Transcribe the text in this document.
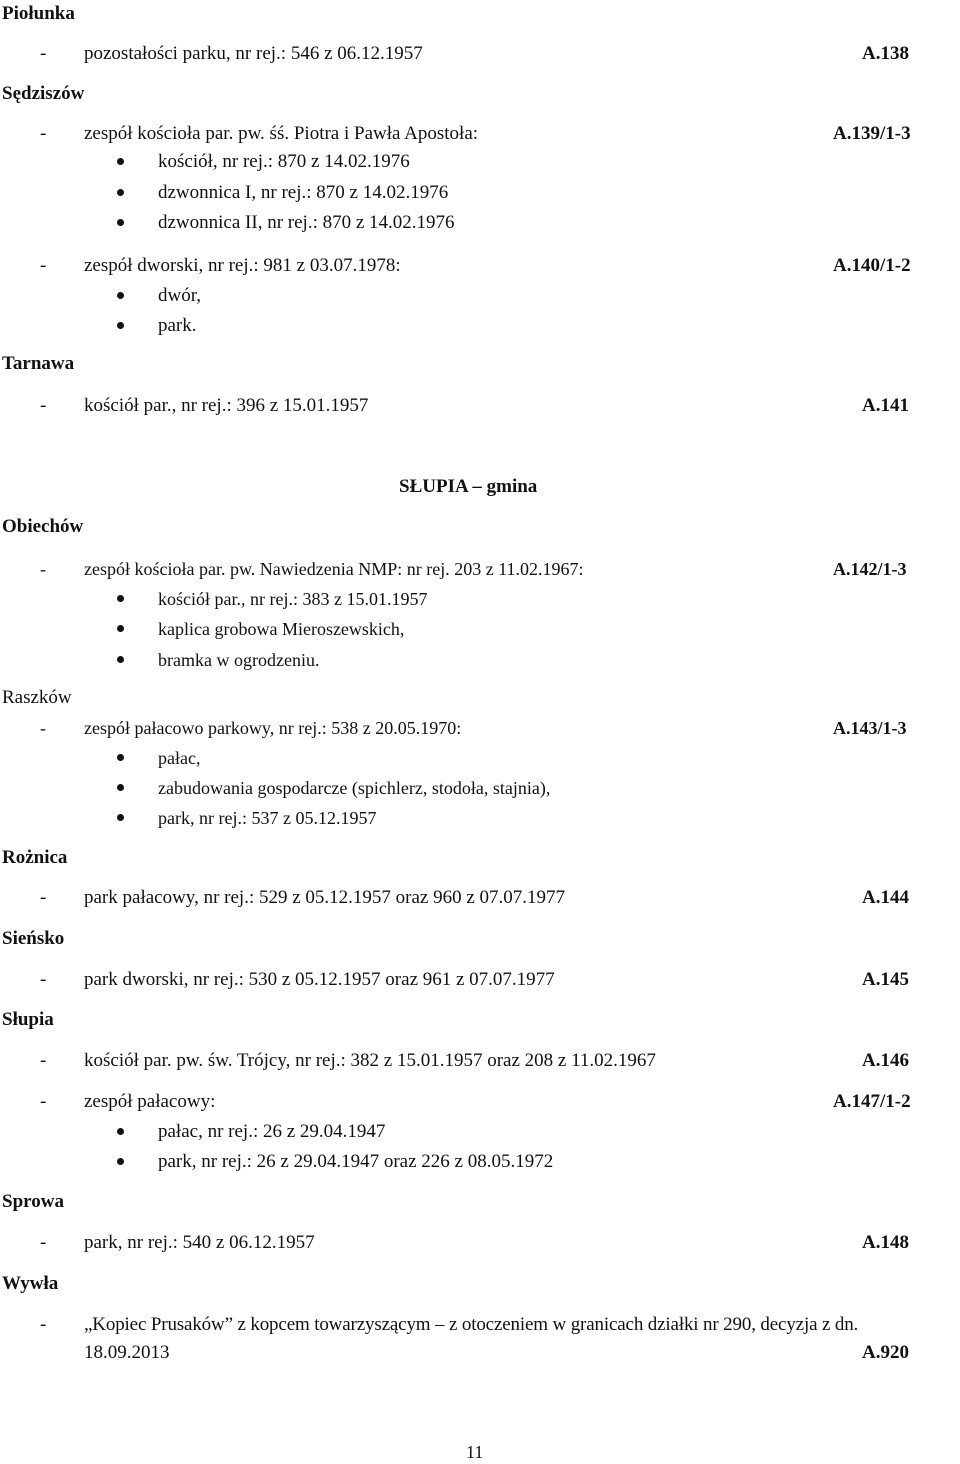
Piołunka
- pozostałości parku, nr rej.: 546 z 06.12.1957	A.138
Sędziszów
- zespół kościoła par. pw. śś. Piotra i Pawła Apostoła:	A.139/1-3
kościół, nr rej.: 870 z 14.02.1976
dzwonnica I, nr rej.: 870 z 14.02.1976
dzwonnica II, nr rej.: 870 z 14.02.1976
- zespół dworski, nr rej.: 981 z 03.07.1978:	A.140/1-2
dwór,
park.
Tarnawa
- kościół par., nr rej.: 396 z 15.01.1957	A.141
SŁUPIA – gmina
Obiechów
- zespół kościoła par. pw. Nawiedzenia NMP: nr rej. 203 z 11.02.1967:	A.142/1-3
kościół par., nr rej.: 383 z 15.01.1957
kaplica grobowa Mieroszewskich,
bramka w ogrodzeniu.
Raszków
- zespół pałacowo parkowy, nr rej.: 538 z 20.05.1970:	A.143/1-3
pałac,
zabudowania gospodarcze (spichlerz, stodoła, stajnia),
park, nr rej.: 537 z 05.12.1957
Rożnica
- park pałacowy, nr rej.: 529 z 05.12.1957 oraz 960 z 07.07.1977	A.144
Sieńsko
- park dworski, nr rej.: 530 z 05.12.1957 oraz 961 z 07.07.1977	A.145
Słupia
- kościół par. pw. św. Trójcy, nr rej.: 382 z 15.01.1957 oraz 208 z 11.02.1967	A.146
- zespół pałacowy:	A.147/1-2
pałac, nr rej.: 26 z 29.04.1947
park, nr rej.: 26 z 29.04.1947 oraz 226 z 08.05.1972
Sprowa
- park, nr rej.: 540 z 06.12.1957	A.148
Wywła
- „Kopiec Prusaków” z kopcem towarzyszącym – z otoczeniem w granicach działki nr 290, decyzja z dn.
18.09.2013	A.920
11
